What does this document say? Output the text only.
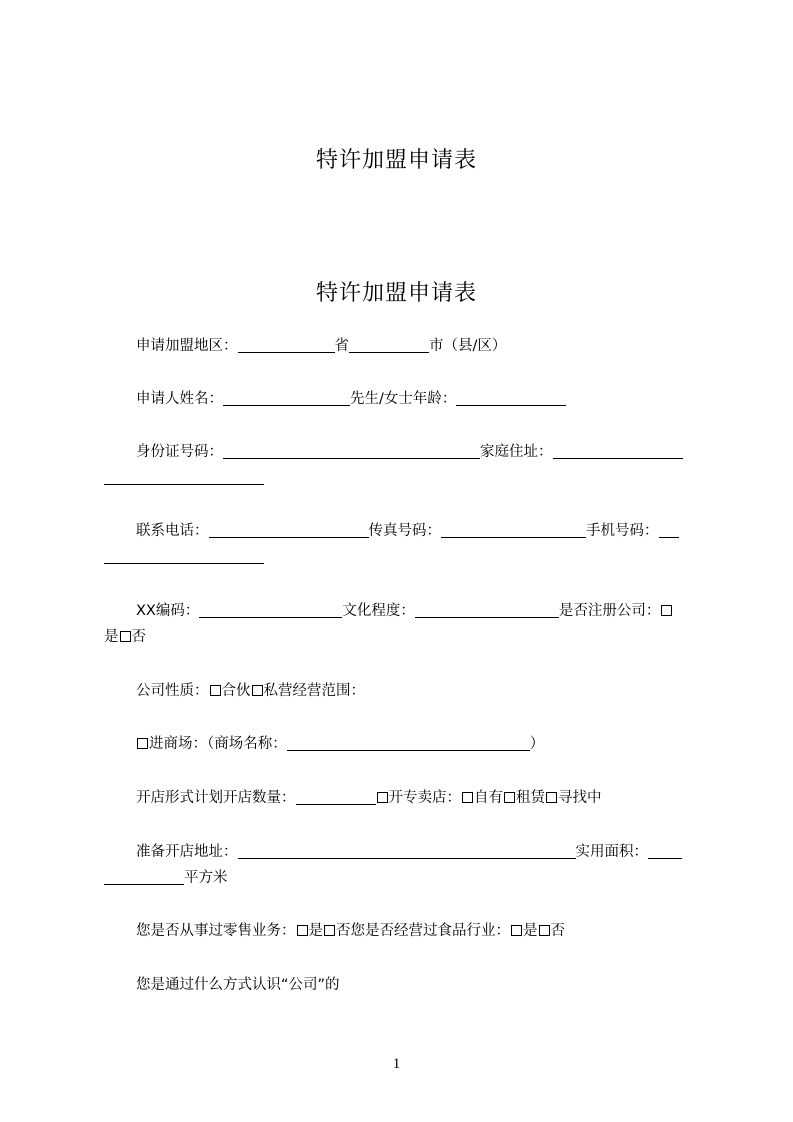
特许加盟申请表
特许加盟申请表
申请加盟地区：	省	市（县/区）
申请人姓名：	先生/女士年龄：
身份证号码：	家庭住址：
联系电话：	传真号码：	手机号码：
XX编码：	文化程度：	是否注册公司：
是 否
公司性质： 合伙 私营经营范围：
进商场：（商场名称：	）
开店形式计划开店数量：	开专卖店： 自有 租赁 寻找中
准备开店地址：	实用面积：
平方米
您是否从事过零售业务： 是 否您是否经营过食品行业： 是 否
您是通过什么方式认识“公司”的
1
